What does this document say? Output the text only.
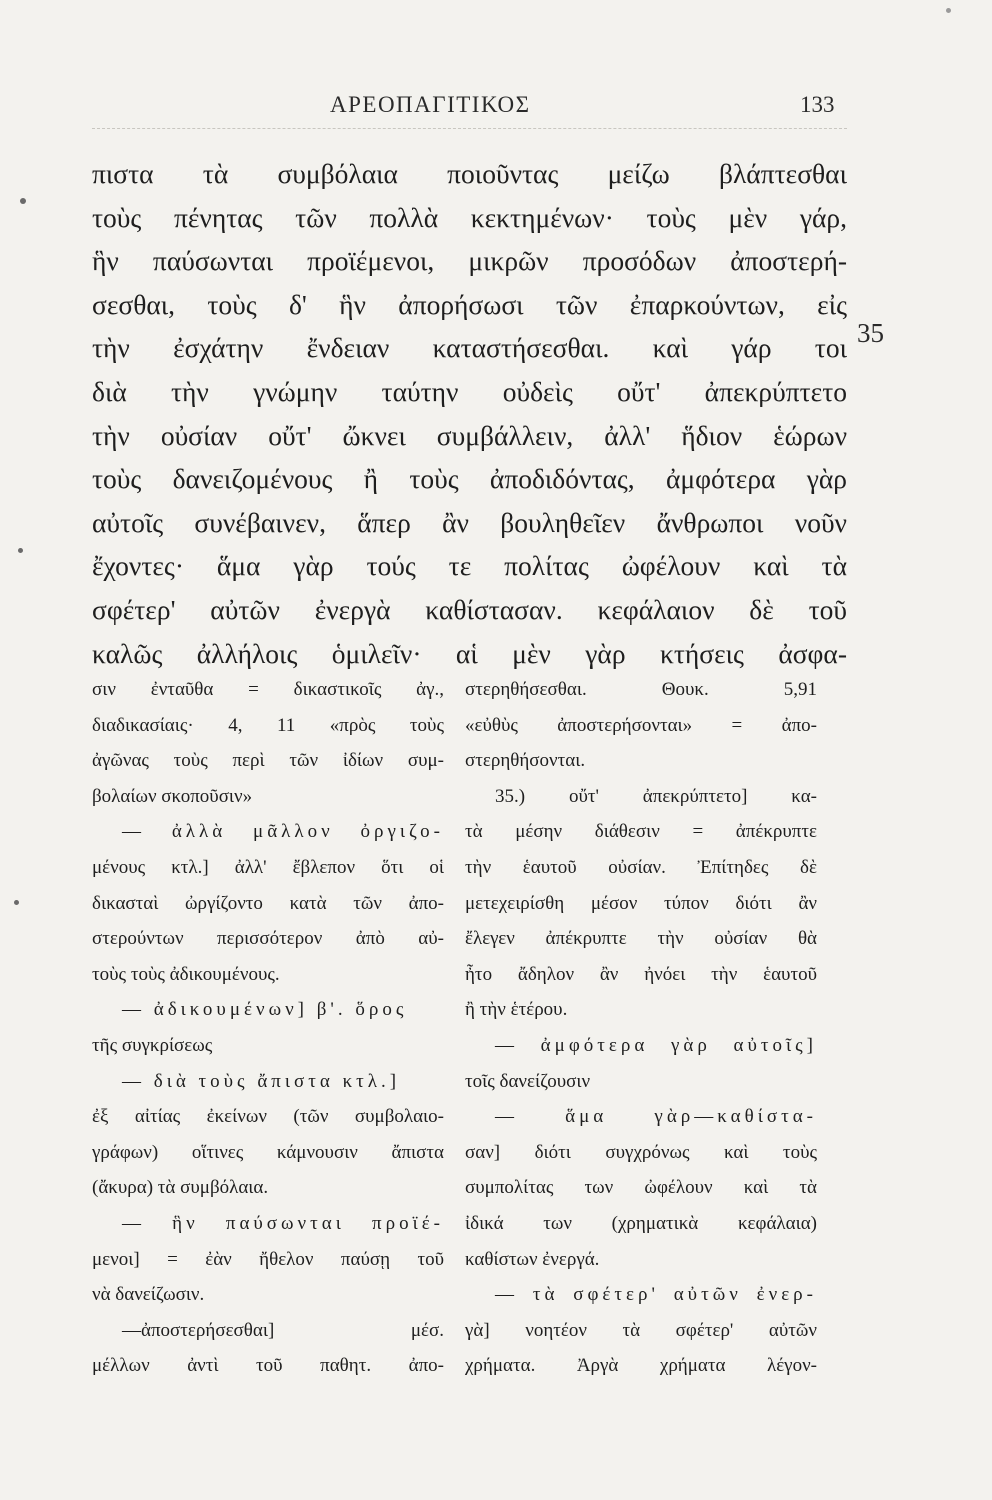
ΑΡΕΟΠΑΓΙΤΙΚΟΣ	133
πιστα τὰ συμβόλαια ποιοῦντας μείζω βλάπτεσθαι
τοὺς πένητας τῶν πολλὰ κεκτημένων· τοὺς μὲν γάρ,
ἣν παύσωνται προϊέμενοι, μικρῶν προσόδων ἀποστερή-
σεσθαι, τοὺς δ' ἣν ἀπορήσωσι τῶν ἐπαρκούντων, εἰς
τὴν ἐσχάτην ἔνδειαν καταστήσεσθαι. καὶ γάρ τοι
διὰ τὴν γνώμην ταύτην οὐδεὶς οὔτ' ἀπεκρύπτετο
τὴν οὐσίαν οὔτ' ὤκνει συμβάλλειν, ἀλλ' ἥδιον ἑώρων
τοὺς δανειζομένους ἢ τοὺς ἀποδιδόντας, ἀμφότερα γὰρ
αὐτοῖς συνέβαινεν, ἅπερ ἂν βουληθεῖεν ἄνθρωποι νοῦν
ἔχοντες· ἅμα γὰρ τούς τε πολίτας ὠφέλουν καὶ τὰ
σφέτερ' αὐτῶν ἐνεργὰ καθίστασαν. κεφάλαιον δὲ τοῦ
καλῶς ἀλλήλοις ὁμιλεῖν· αἱ μὲν γὰρ κτήσεις ἀσφα-
35
σιν ἐνταῦθα = δικαστικοῖς ἀγ.,
διαδικασίαις· 4, 11 «πρὸς τοὺς
ἀγῶνας τοὺς περὶ τῶν ἰδίων συμ-
βολαίων σκοποῦσιν»
— ἀλλὰ μᾶλλον ὀργιζο-
μένους κτλ.] ἀλλ' ἔβλεπον ὅτι οἱ
δικασταὶ ὠργίζοντο κατὰ τῶν ἀπο-
στερούντων περισσότερον ἀπὸ αὐ-
τοὺς τοὺς ἀδικουμένους.
— ἀδικουμένων] β'. ὅρος
τῆς συγκρίσεως
— διὰ τοὺς ἄπιστα κτλ.]
ἐξ αἰτίας ἐκείνων (τῶν συμβολαιο-
γράφων) οἵτινες κάμνουσιν ἄπιστα
(ἄκυρα) τὰ συμβόλαια.
— ἣν παύσωνται προϊέ-
μενοι] = ἐὰν ἤθελον παύσῃ τοῦ
νὰ δανείζωσιν.
—ἀποστερήσεσθαι] μέσ.
μέλλων ἀντὶ τοῦ παθητ. ἀπο-
στερηθήσεσθαι. Θουκ. 5,91
«εὐθὺς ἀποστερήσονται» = ἀπο-
στερηθήσονται.
35.) οὔτ' ἀπεκρύπτετο] κα-
τὰ μέσην διάθεσιν = ἀπέκρυπτε
τὴν ἑαυτοῦ οὐσίαν. Ἐπίτηδες δὲ
μετεχειρίσθη μέσον τύπον διότι ἂν
ἔλεγεν ἀπέκρυπτε τὴν οὐσίαν θὰ
ἦτο ἄδηλον ἂν ἠνόει τὴν ἑαυτοῦ
ἢ τὴν ἑτέρου.
— ἀμφότερα γὰρ αὐτοῖς]
τοῖς δανείζουσιν
— ἅμα γὰρ—καθίστα-
σαν] διότι συγχρόνως καὶ τοὺς
συμπολίτας των ὠφέλουν καὶ τὰ
ἰδικά των (χρηματικὰ κεφάλαια)
καθίστων ἐνεργά.
— τὰ σφέτερ' αὐτῶν ἐνερ-
γὰ] νοητέον τὰ σφέτερ' αὐτῶν
χρήματα. Ἀργὰ χρήματα λέγον-
